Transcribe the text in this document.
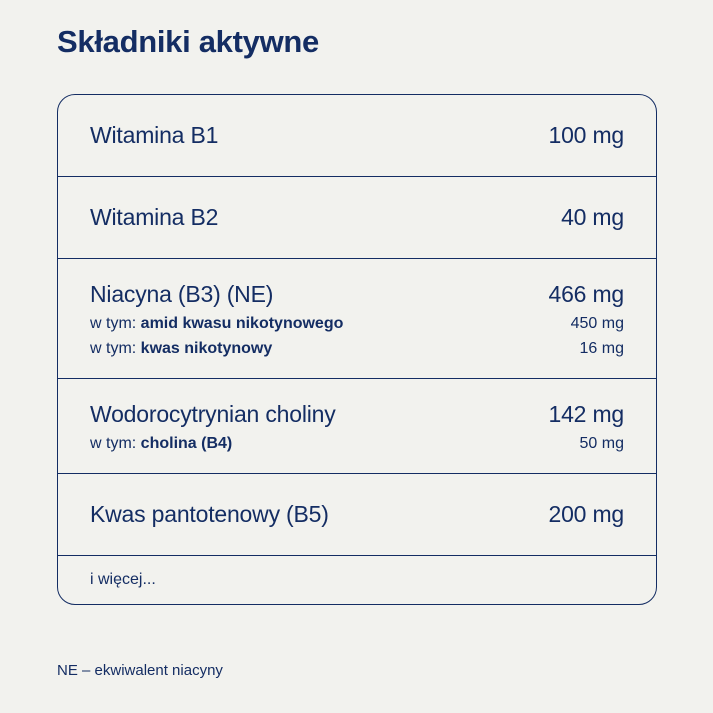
Składniki aktywne
Witamina B1	100 mg
Witamina B2	40 mg
Niacyna (B3) (NE)	466 mg
w tym: amid kwasu nikotynowego	450 mg
w tym: kwas nikotynowy	16 mg
Wodorocytrynian choliny	142 mg
w tym: cholina (B4)	50 mg
Kwas pantotenowy (B5)	200 mg
i więcej...
NE – ekwiwalent niacyny
